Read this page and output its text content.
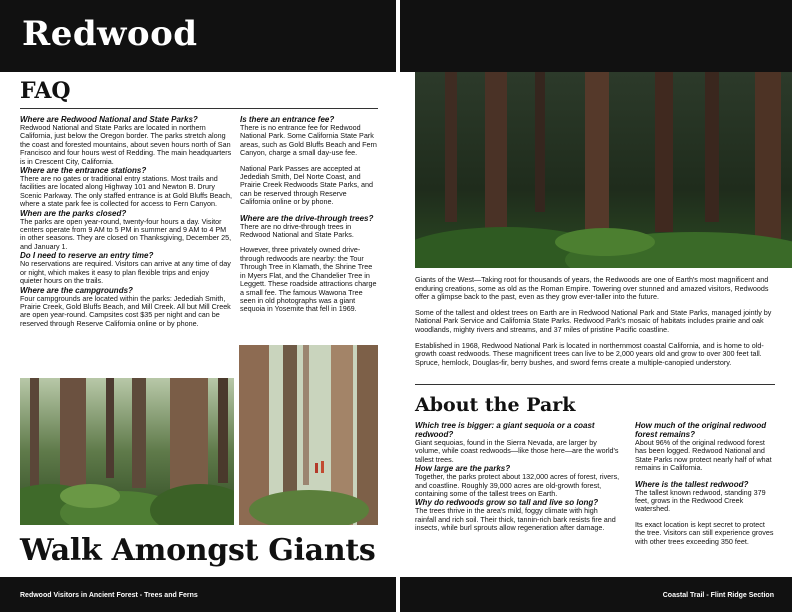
Redwood
FAQ
Where are Redwood National and State Parks?
Redwood National and State Parks are located in northern California, just below the Oregon border. The parks stretch along the coast and forested mountains, about seven hours north of San Francisco and four hours west of Redding. The main headquarters is in Crescent City, California.
Where are the entrance stations?
There are no gates or traditional entry stations. Most trails and facilities are located along Highway 101 and Newton B. Drury Scenic Parkway. The only staffed entrance is at Gold Bluffs Beach, where a state park fee is collected for access to Fern Canyon.
When are the parks closed?
The parks are open year-round, twenty-four hours a day. Visitor centers operate from 9 AM to 5 PM in summer and 9 AM to 4 PM in other seasons. They are closed on Thanksgiving, December 25, and January 1.
Do I need to reserve an entry time?
No reservations are required. Visitors can arrive at any time of day or night, which makes it easy to plan flexible trips and enjoy quieter hours on the trails.
Where are the campgrounds?
Four campgrounds are located within the parks: Jedediah Smith, Prairie Creek, Gold Bluffs Beach, and Mill Creek. All but Mill Creek are open year-round. Campsites cost $35 per night and can be reserved through Reserve California online or by phone.
Is there an entrance fee?

There is no entrance fee for Redwood National Park. Some California State Park areas, such as Gold Bluffs Beach and Fern Canyon, charge a small day-use fee.

National Park Passes are accepted at Jedediah Smith, Del Norte Coast, and Prairie Creek Redwoods State Parks, and can be reserved through Reserve California online or by phone.

Where are the drive-through trees?

There are no drive-through trees in Redwood National and State Parks.

However, three privately owned drive-through redwoods are nearby: the Tour Through Tree in Klamath, the Shrine Tree in Myers Flat, and the Chandelier Tree in Leggett. These roadside attractions charge a small fee. The famous Wawona Tree seen in old photographs was a giant sequoia in Yosemite that fell in 1969.

Walk Amongst Giants
Redwood Visitors in Ancient Forest - Trees and Ferns

Giants of the West—Taking root for thousands of years, the Redwoods are one of Earth's most magnificent and enduring creations, some as old as the Roman Empire. Towering over stunned and amazed visitors, Redwoods offer a glimpse back to the past, even as they grow ever-taller into the future.

Some of the tallest and oldest trees on Earth are in Redwood National Park and State Parks, managed jointly by National Park Service and California State Parks. Redwood Park's mosaic of habitats includes prairie and oak woodlands, mighty rivers and streams, and 37 miles of pristine Pacific coastline.

Established in 1968, Redwood National Park is located in northernmost coastal California, and is home to old-growth coast redwoods. These magnificent trees can live to be 2,000 years old and grow to over 300 feet tall. Spruce, hemlock, Douglas-fir, berry bushes, and sword ferns create a multiple-canopied understory.

About the Park
Which tree is bigger: a giant sequoia or a coast redwood?
Giant sequoias, found in the Sierra Nevada, are larger by volume, while coast redwoods—like those here—are the world's tallest trees.
How large are the parks?
Together, the parks protect about 132,000 acres of forest, rivers, and coastline. Roughly 39,000 acres are old-growth forest, containing some of the tallest trees on Earth.
Why do redwoods grow so tall and live so long?
The trees thrive in the area's mild, foggy climate with high rainfall and rich soil. Their thick, tannin-rich bark resists fire and insects, while burl sprouts allow regeneration after damage.
How much of the original redwood forest remains?

About 96% of the original redwood forest has been logged. Redwood National and State Parks now protect nearly half of what remains in California.

Where is the tallest redwood?

The tallest known redwood, standing 379 feet, grows in the Redwood Creek watershed.

Its exact location is kept secret to protect the tree. Visitors can still experience groves with other trees exceeding 350 feet.

Coastal Trail - Flint Ridge Section
